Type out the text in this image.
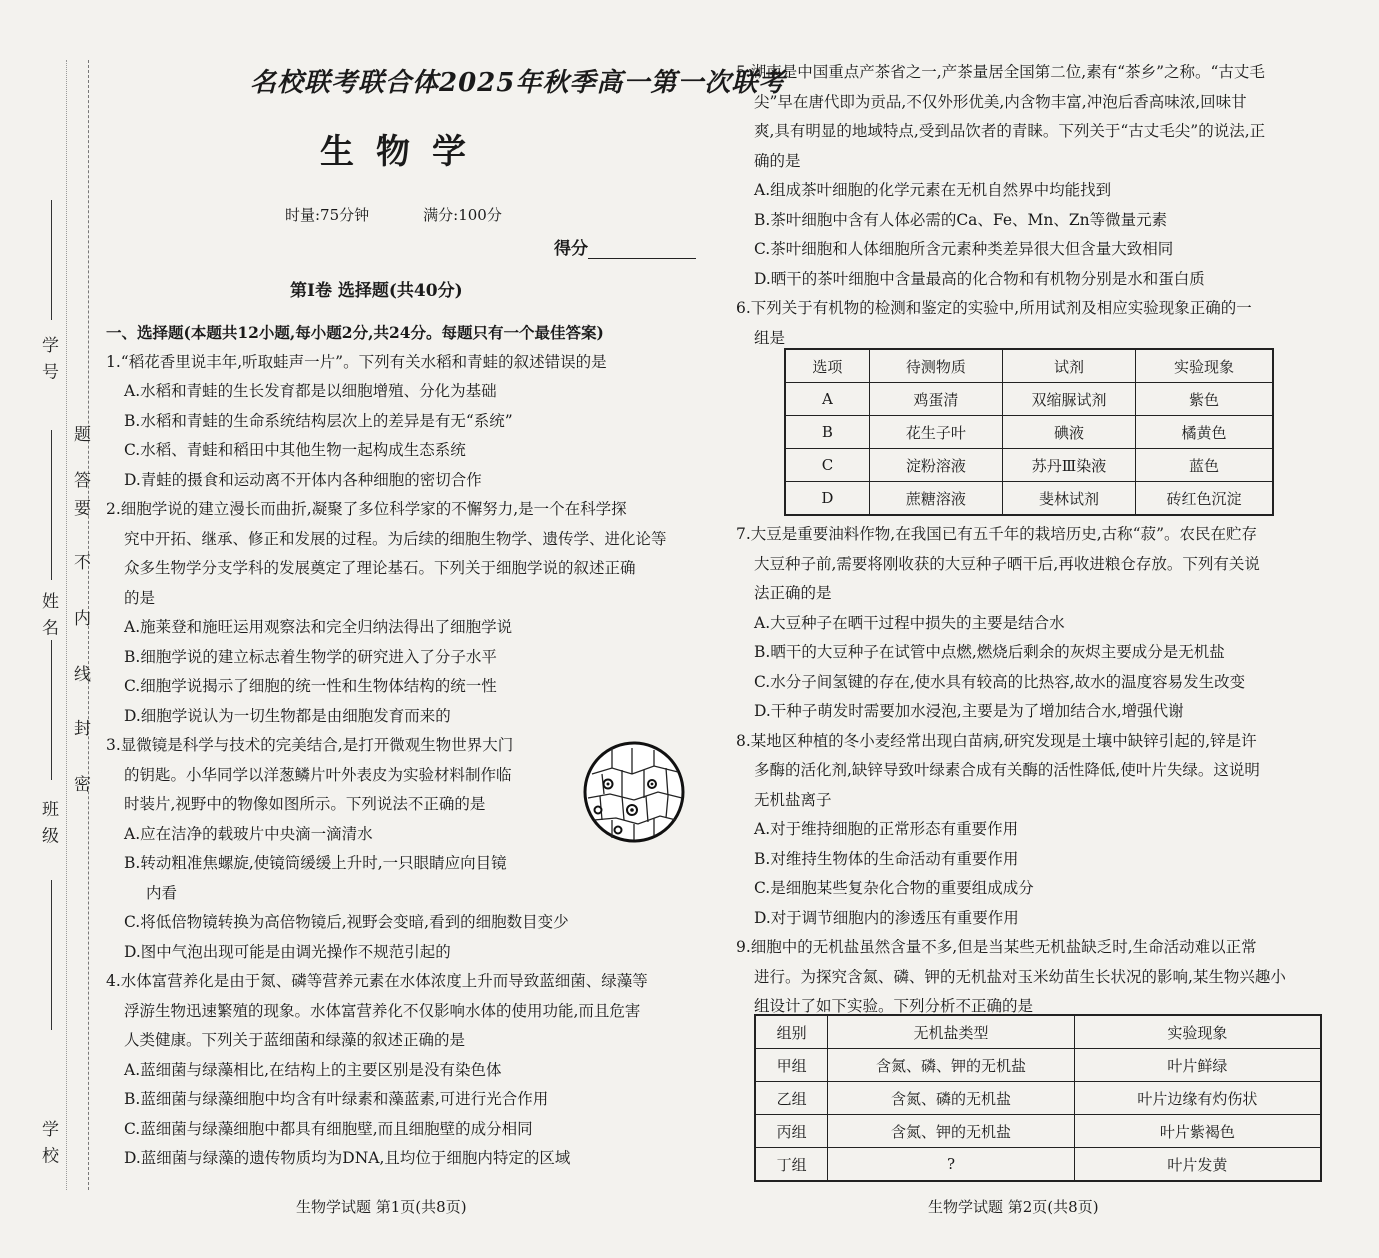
学 号
姓 名
班 级
学 校
密
封
线
内
不
要
答
题
名校联考联合体2025年秋季高一第一次联考
生物学
时量:75分钟	满分:100分
得分
第Ⅰ卷 选择题(共40分)
一、选择题(本题共12小题,每小题2分,共24分。每题只有一个最佳答案)
1.“稻花香里说丰年,听取蛙声一片”。下列有关水稻和青蛙的叙述错误的是
A.水稻和青蛙的生长发育都是以细胞增殖、分化为基础
B.水稻和青蛙的生命系统结构层次上的差异是有无“系统”
C.水稻、青蛙和稻田中其他生物一起构成生态系统
D.青蛙的摄食和运动离不开体内各种细胞的密切合作
2.细胞学说的建立漫长而曲折,凝聚了多位科学家的不懈努力,是一个在科学探
究中开拓、继承、修正和发展的过程。为后续的细胞生物学、遗传学、进化论等
众多生物学分支学科的发展奠定了理论基石。下列关于细胞学说的叙述正确
的是
A.施莱登和施旺运用观察法和完全归纳法得出了细胞学说
B.细胞学说的建立标志着生物学的研究进入了分子水平
C.细胞学说揭示了细胞的统一性和生物体结构的统一性
D.细胞学说认为一切生物都是由细胞发育而来的
3.显微镜是科学与技术的完美结合,是打开微观生物世界大门
的钥匙。小华同学以洋葱鳞片叶外表皮为实验材料制作临
时装片,视野中的物像如图所示。下列说法不正确的是
A.应在洁净的载玻片中央滴一滴清水
B.转动粗准焦螺旋,使镜筒缓缓上升时,一只眼睛应向目镜
内看
C.将低倍物镜转换为高倍物镜后,视野会变暗,看到的细胞数目变少
D.图中气泡出现可能是由调光操作不规范引起的
4.水体富营养化是由于氮、磷等营养元素在水体浓度上升而导致蓝细菌、绿藻等
浮游生物迅速繁殖的现象。水体富营养化不仅影响水体的使用功能,而且危害
人类健康。下列关于蓝细菌和绿藻的叙述正确的是
A.蓝细菌与绿藻相比,在结构上的主要区别是没有染色体
B.蓝细菌与绿藻细胞中均含有叶绿素和藻蓝素,可进行光合作用
C.蓝细菌与绿藻细胞中都具有细胞壁,而且细胞壁的成分相同
D.蓝细菌与绿藻的遗传物质均为DNA,且均位于细胞内特定的区域
生物学试题 第1页(共8页)
5.湖南是中国重点产茶省之一,产茶量居全国第二位,素有“茶乡”之称。“古丈毛
尖”早在唐代即为贡品,不仅外形优美,内含物丰富,冲泡后香高味浓,回味甘
爽,具有明显的地域特点,受到品饮者的青睐。下列关于“古丈毛尖”的说法,正
确的是
A.组成茶叶细胞的化学元素在无机自然界中均能找到
B.茶叶细胞中含有人体必需的Ca、Fe、Mn、Zn等微量元素
C.茶叶细胞和人体细胞所含元素种类差异很大但含量大致相同
D.晒干的茶叶细胞中含量最高的化合物和有机物分别是水和蛋白质
6.下列关于有机物的检测和鉴定的实验中,所用试剂及相应实验现象正确的一
组是
选项	待测物质	试剂	实验现象
A	鸡蛋清	双缩脲试剂	紫色
B	花生子叶	碘液	橘黄色
C	淀粉溶液	苏丹Ⅲ染液	蓝色
D	蔗糖溶液	斐林试剂	砖红色沉淀
7.大豆是重要油料作物,在我国已有五千年的栽培历史,古称“菽”。农民在贮存
大豆种子前,需要将刚收获的大豆种子晒干后,再收进粮仓存放。下列有关说
法正确的是
A.大豆种子在晒干过程中损失的主要是结合水
B.晒干的大豆种子在试管中点燃,燃烧后剩余的灰烬主要成分是无机盐
C.水分子间氢键的存在,使水具有较高的比热容,故水的温度容易发生改变
D.干种子萌发时需要加水浸泡,主要是为了增加结合水,增强代谢
8.某地区种植的冬小麦经常出现白苗病,研究发现是土壤中缺锌引起的,锌是许
多酶的活化剂,缺锌导致叶绿素合成有关酶的活性降低,使叶片失绿。这说明
无机盐离子
A.对于维持细胞的正常形态有重要作用
B.对维持生物体的生命活动有重要作用
C.是细胞某些复杂化合物的重要组成成分
D.对于调节细胞内的渗透压有重要作用
9.细胞中的无机盐虽然含量不多,但是当某些无机盐缺乏时,生命活动难以正常
进行。为探究含氮、磷、钾的无机盐对玉米幼苗生长状况的影响,某生物兴趣小
组设计了如下实验。下列分析不正确的是
组别	无机盐类型	实验现象
甲组	含氮、磷、钾的无机盐	叶片鲜绿
乙组	含氮、磷的无机盐	叶片边缘有灼伤状
丙组	含氮、钾的无机盐	叶片紫褐色
丁组	?	叶片发黄
生物学试题 第2页(共8页)
